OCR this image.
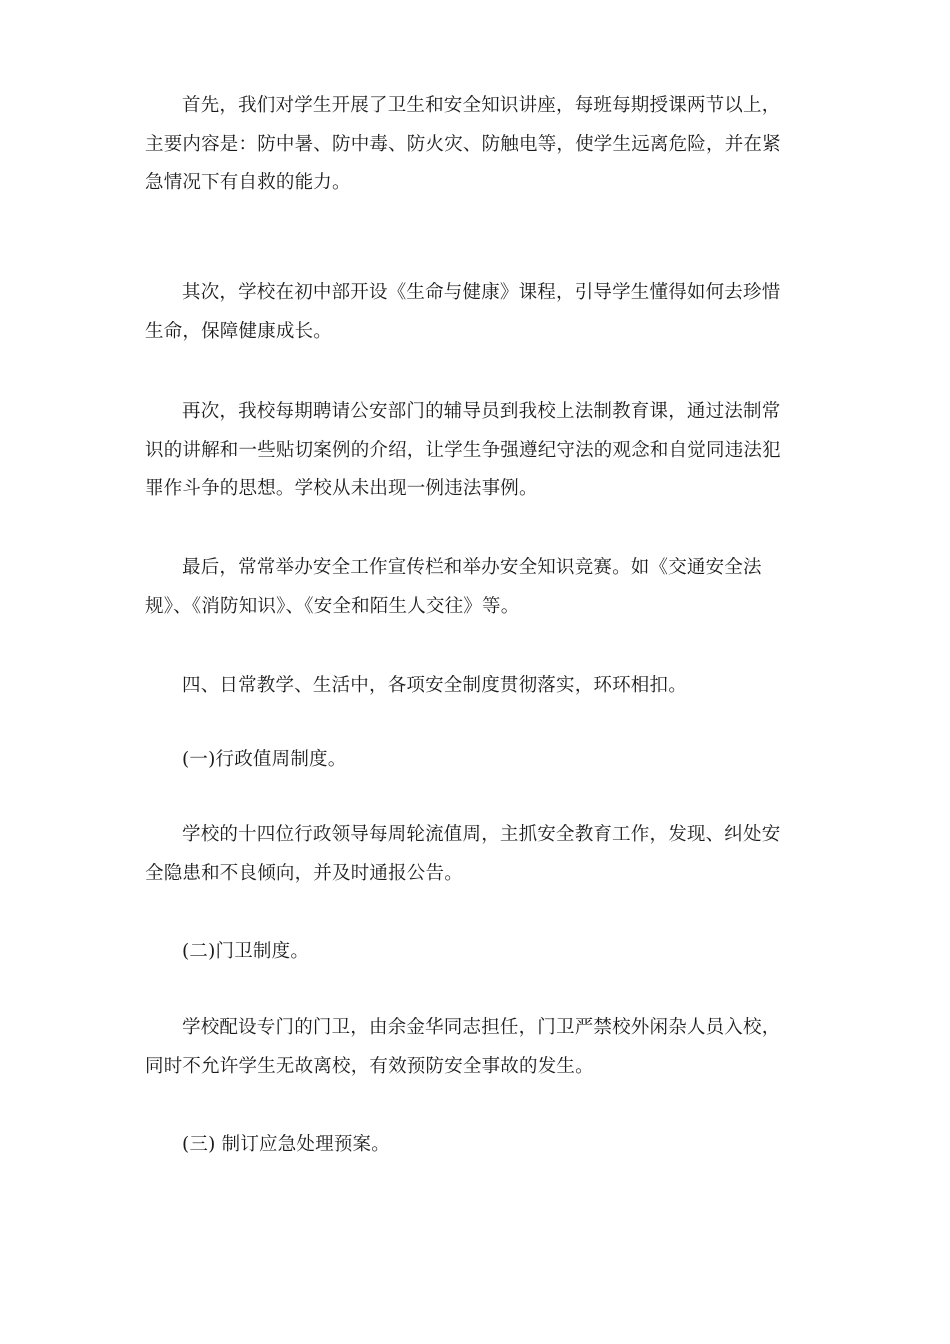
首先，我们对学生开展了卫生和安全知识讲座，每班每期授课两节以上，
主要内容是：防中暑、防中毒、防火灾、防触电等，使学生远离危险，并在紧
急情况下有自救的能力。

其次，学校在初中部开设《生命与健康》课程，引导学生懂得如何去珍惜
生命，保障健康成长。

再次，我校每期聘请公安部门的辅导员到我校上法制教育课，通过法制常
识的讲解和一些贴切案例的介绍，让学生争强遵纪守法的观念和自觉同违法犯
罪作斗争的思想。学校从未出现一例违法事例。

最后，常常举办安全工作宣传栏和举办安全知识竞赛。如《交通安全法
规》、《消防知识》、《安全和陌生人交往》等。

四、日常教学、生活中，各项安全制度贯彻落实，环环相扣。

(一)行政值周制度。

学校的十四位行政领导每周轮流值周，主抓安全教育工作，发现、纠处安
全隐患和不良倾向，并及时通报公告。

(二)门卫制度。

学校配设专门的门卫，由余金华同志担任，门卫严禁校外闲杂人员入校，
同时不允许学生无故离校，有效预防安全事故的发生。

(三) 制订应急处理预案。
